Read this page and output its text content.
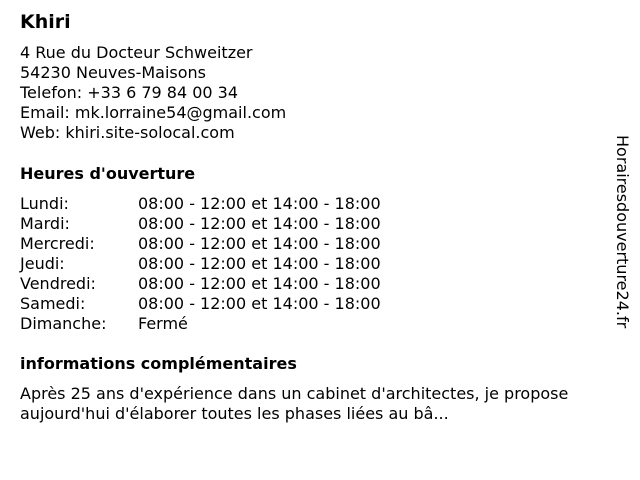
Khiri
4 Rue du Docteur Schweitzer
54230 Neuves-Maisons
Telefon: +33 6 79 84 00 34
Email: mk.lorraine54@gmail.com
Web: khiri.site-solocal.com
Heures d'ouverture
Lundi:	08:00 - 12:00 et 14:00 - 18:00
Mardi:	08:00 - 12:00 et 14:00 - 18:00
Mercredi:	08:00 - 12:00 et 14:00 - 18:00
Jeudi:	08:00 - 12:00 et 14:00 - 18:00
Vendredi:	08:00 - 12:00 et 14:00 - 18:00
Samedi:	08:00 - 12:00 et 14:00 - 18:00
Dimanche:	Fermé
informations complémentaires
Après 25 ans d'expérience dans un cabinet d'architectes, je propose aujourd'hui d'élaborer toutes les phases liées au bâ...
Horairesdouverture24.fr
